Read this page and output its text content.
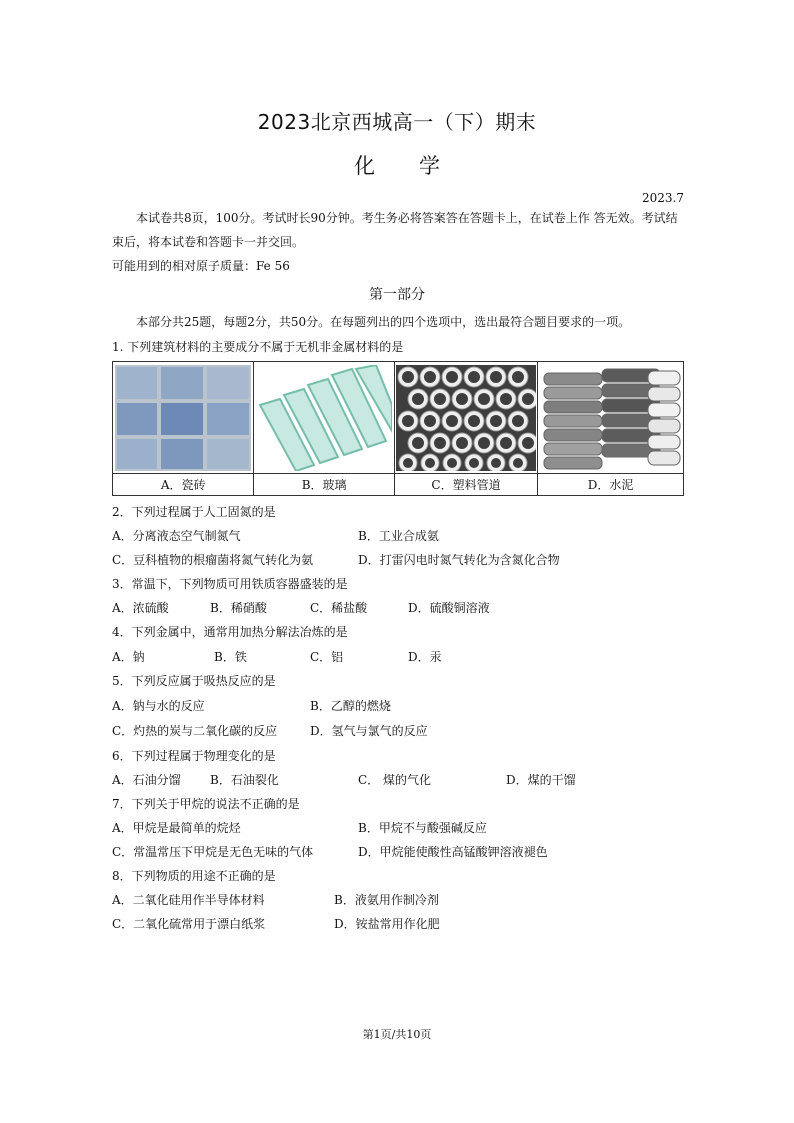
2023北京西城高一（下）期末
化 学
2023.7
本试卷共8页，100分。考试时长90分钟。考生务必将答案答在答题卡上，在试卷上作 答无效。考试结
束后，将本试卷和答题卡一并交回。
可能用到的相对原子质量：Fe 56
第一部分
本部分共25题，每题2分，共50分。在每题列出的四个选项中，选出最符合题目要求的一项。
1. 下列建筑材料的主要成分不属于无机非金属材料的是

A．瓷砖	B．玻璃	C．塑料管道	D．水泥
2．下列过程属于人工固氮的是
A．分离液态空气制氮气	B．工业合成氨
C．豆科植物的根瘤菌将氮气转化为氨	D．打雷闪电时氮气转化为含氮化合物
3．常温下，下列物质可用铁质容器盛装的是
A．浓硫酸	B．稀硝酸	C．稀盐酸	D．硫酸铜溶液
4．下列金属中，通常用加热分解法冶炼的是
A．钠	B．铁	C．铝	D．汞
5．下列反应属于吸热反应的是
A．钠与水的反应	B．乙醇的燃烧
C．灼热的炭与二氧化碳的反应	D．氢气与氯气的反应
6．下列过程属于物理变化的是
A．石油分馏 B．石油裂化	C． 煤的气化	D．煤的干馏
7．下列关于甲烷的说法不正确的是
A．甲烷是最简单的烷烃	B．甲烷不与酸强碱反应
C．常温常压下甲烷是无色无味的气体	D．甲烷能使酸性高锰酸钾溶液褪色
8．下列物质的用途不正确的是
A．二氧化硅用作半导体材料	B．液氨用作制冷剂
C．二氧化硫常用于漂白纸浆	D．铵盐常用作化肥
第1页/共10页
